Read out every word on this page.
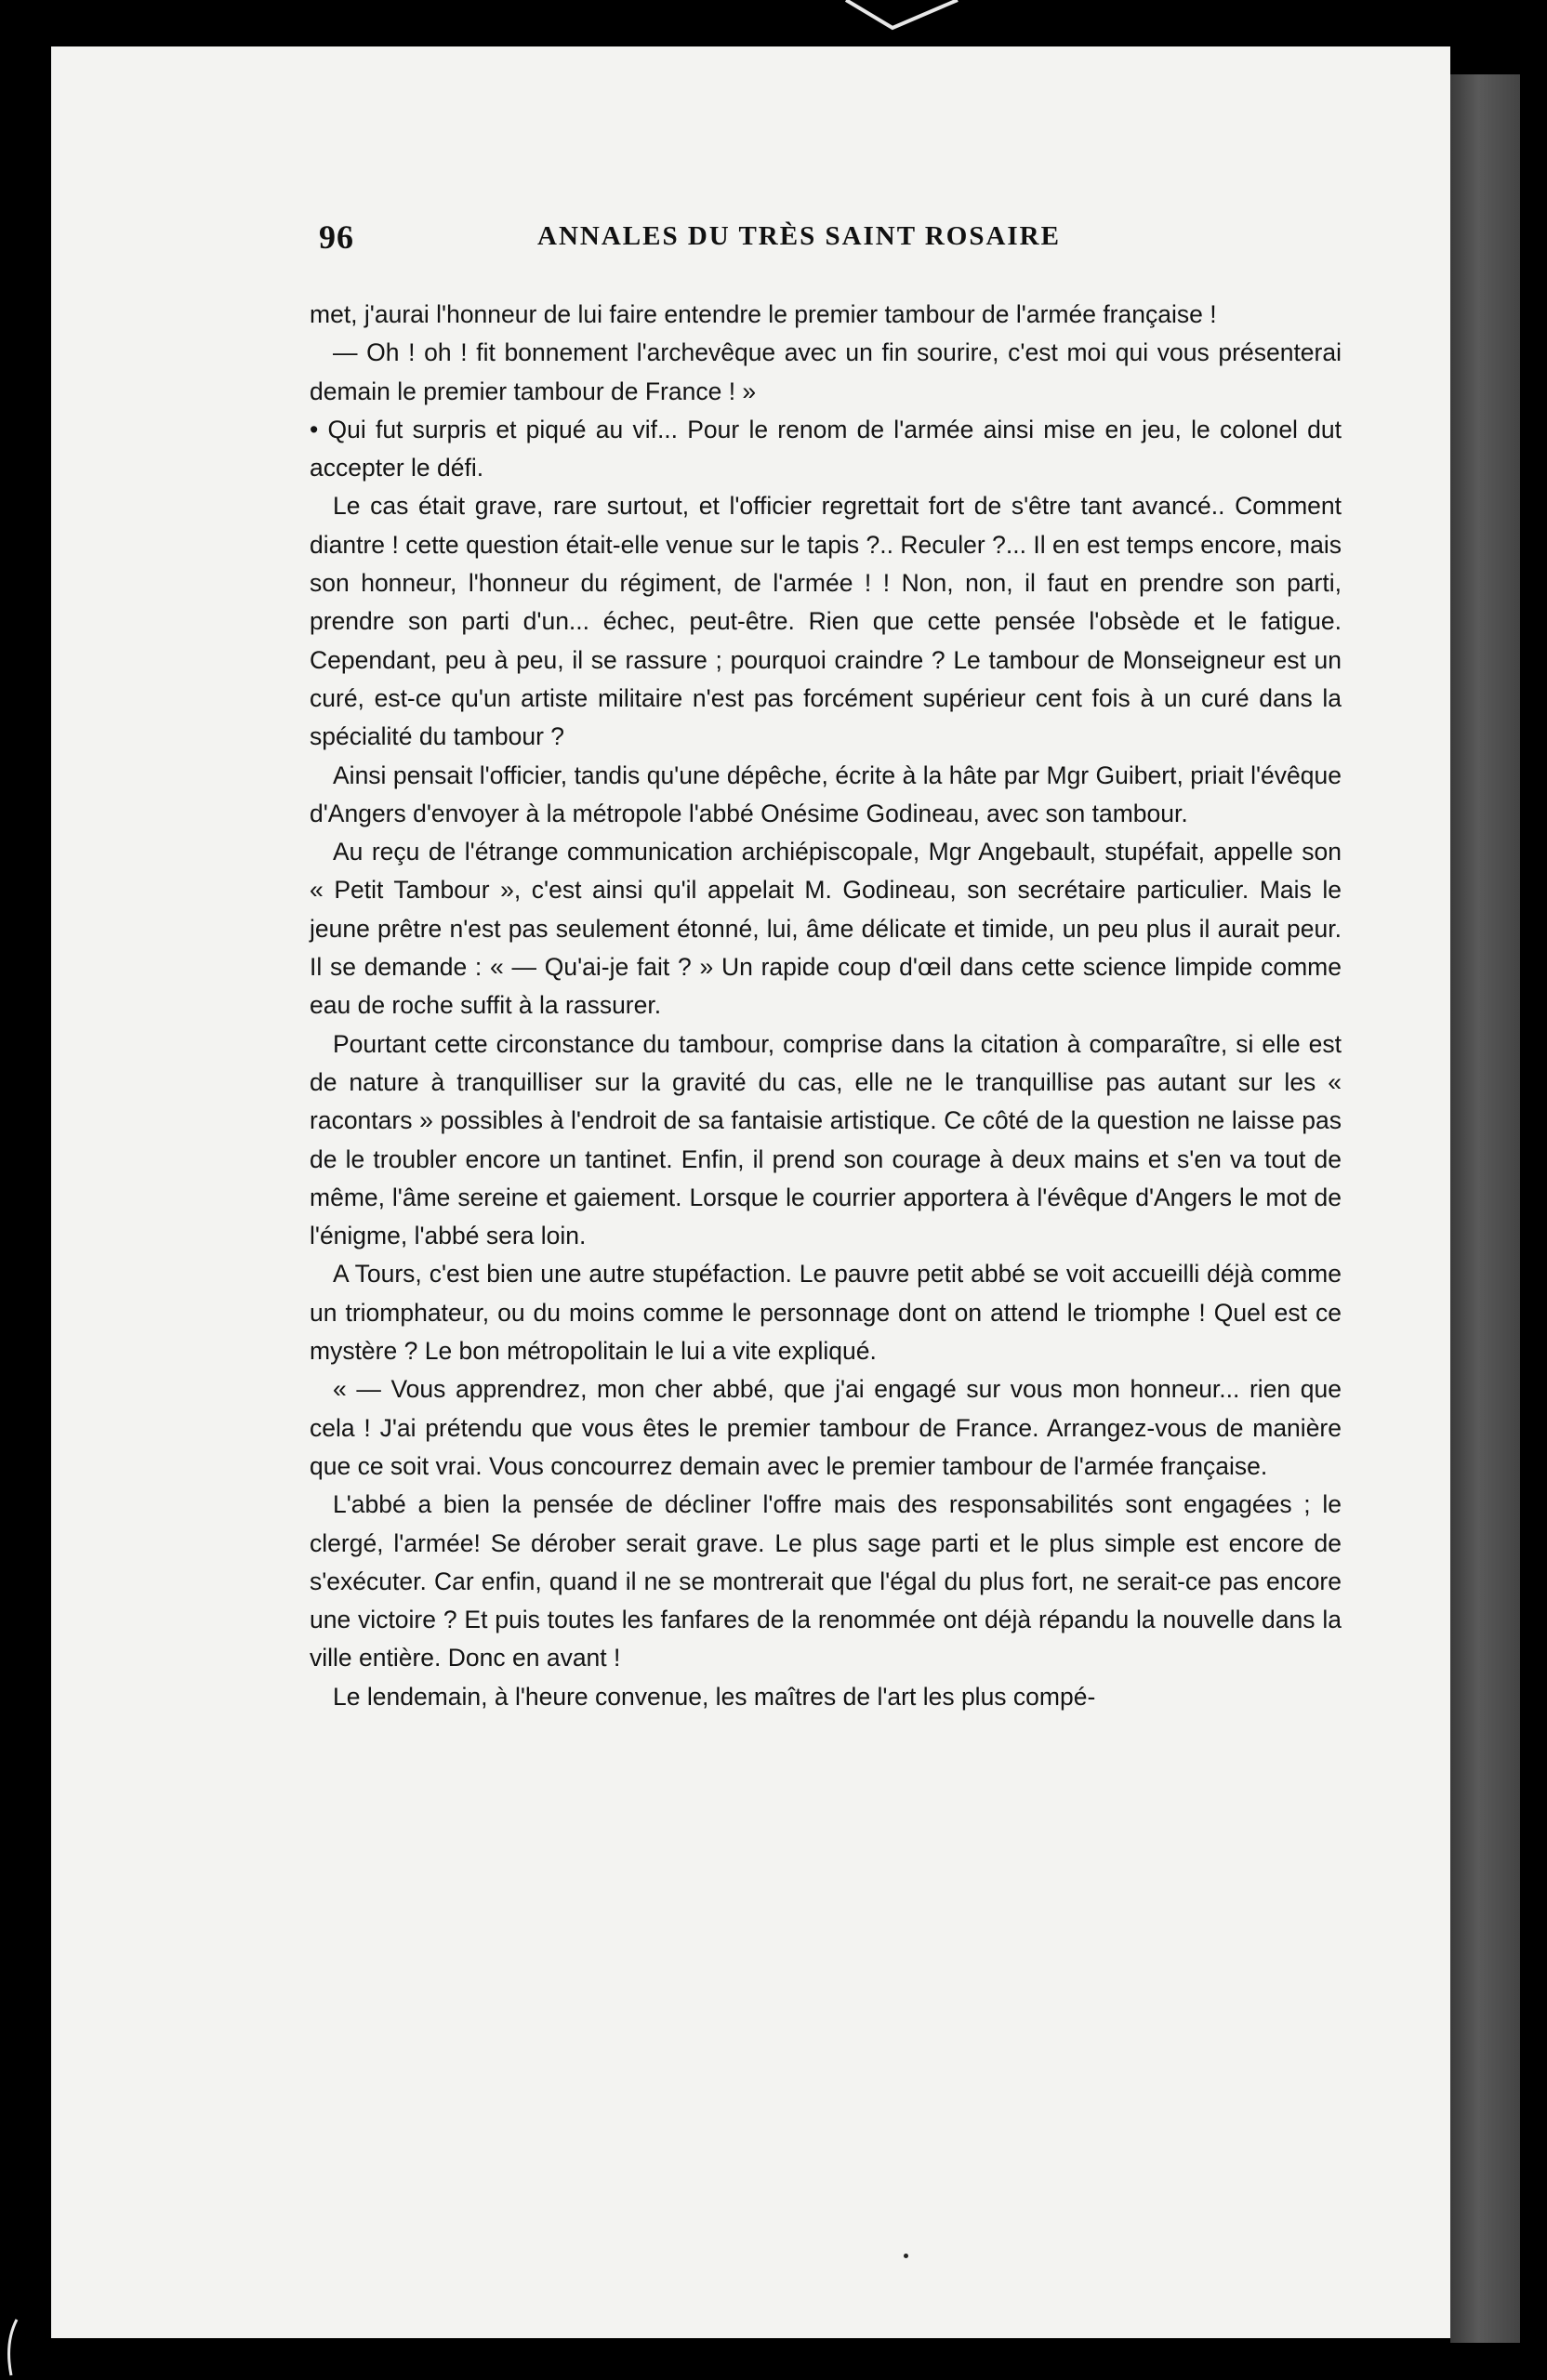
96	ANNALES DU TRÈS SAINT ROSAIRE

met, j'aurai l'honneur de lui faire entendre le premier tambour de l'armée française !

— Oh ! oh ! fit bonnement l'archevêque avec un fin sourire, c'est moi qui vous présenterai demain le premier tambour de France ! »

• Qui fut surpris et piqué au vif... Pour le renom de l'armée ainsi mise en jeu, le colonel dut accepter le défi.

Le cas était grave, rare surtout, et l'officier regrettait fort de s'être tant avancé.. Comment diantre ! cette question était-elle venue sur le tapis ?.. Reculer ?... Il en est temps encore, mais son honneur, l'honneur du régiment, de l'armée ! ! Non, non, il faut en prendre son parti, prendre son parti d'un... échec, peut-être. Rien que cette pensée l'obsède et le fatigue. Cependant, peu à peu, il se rassure ; pourquoi craindre ? Le tambour de Monseigneur est un curé, est-ce qu'un artiste militaire n'est pas forcément supérieur cent fois à un curé dans la spécialité du tambour ?

Ainsi pensait l'officier, tandis qu'une dépêche, écrite à la hâte par Mgr Guibert, priait l'évêque d'Angers d'envoyer à la métropole l'abbé Onésime Godineau, avec son tambour.

Au reçu de l'étrange communication archiépiscopale, Mgr Angebault, stupéfait, appelle son « Petit Tambour », c'est ainsi qu'il appelait M. Godineau, son secrétaire particulier. Mais le jeune prêtre n'est pas seulement étonné, lui, âme délicate et timide, un peu plus il aurait peur. Il se demande : « — Qu'ai-je fait ? » Un rapide coup d'œil dans cette science limpide comme eau de roche suffit à la rassurer.

Pourtant cette circonstance du tambour, comprise dans la citation à comparaître, si elle est de nature à tranquilliser sur la gravité du cas, elle ne le tranquillise pas autant sur les « racontars » possibles à l'endroit de sa fantaisie artistique. Ce côté de la question ne laisse pas de le troubler encore un tantinet. Enfin, il prend son courage à deux mains et s'en va tout de même, l'âme sereine et gaiement. Lorsque le courrier apportera à l'évêque d'Angers le mot de l'énigme, l'abbé sera loin.

A Tours, c'est bien une autre stupéfaction. Le pauvre petit abbé se voit accueilli déjà comme un triomphateur, ou du moins comme le personnage dont on attend le triomphe ! Quel est ce mystère ? Le bon métropolitain le lui a vite expliqué.

« — Vous apprendrez, mon cher abbé, que j'ai engagé sur vous mon honneur... rien que cela ! J'ai prétendu que vous êtes le premier tambour de France. Arrangez-vous de manière que ce soit vrai. Vous concourrez demain avec le premier tambour de l'armée française.

L'abbé a bien la pensée de décliner l'offre mais des responsabilités sont engagées ; le clergé, l'armée! Se dérober serait grave. Le plus sage parti et le plus simple est encore de s'exécuter. Car enfin, quand il ne se montrerait que l'égal du plus fort, ne serait-ce pas encore une victoire ? Et puis toutes les fanfares de la renommée ont déjà répandu la nouvelle dans la ville entière. Donc en avant !

Le lendemain, à l'heure convenue, les maîtres de l'art les plus compé-
